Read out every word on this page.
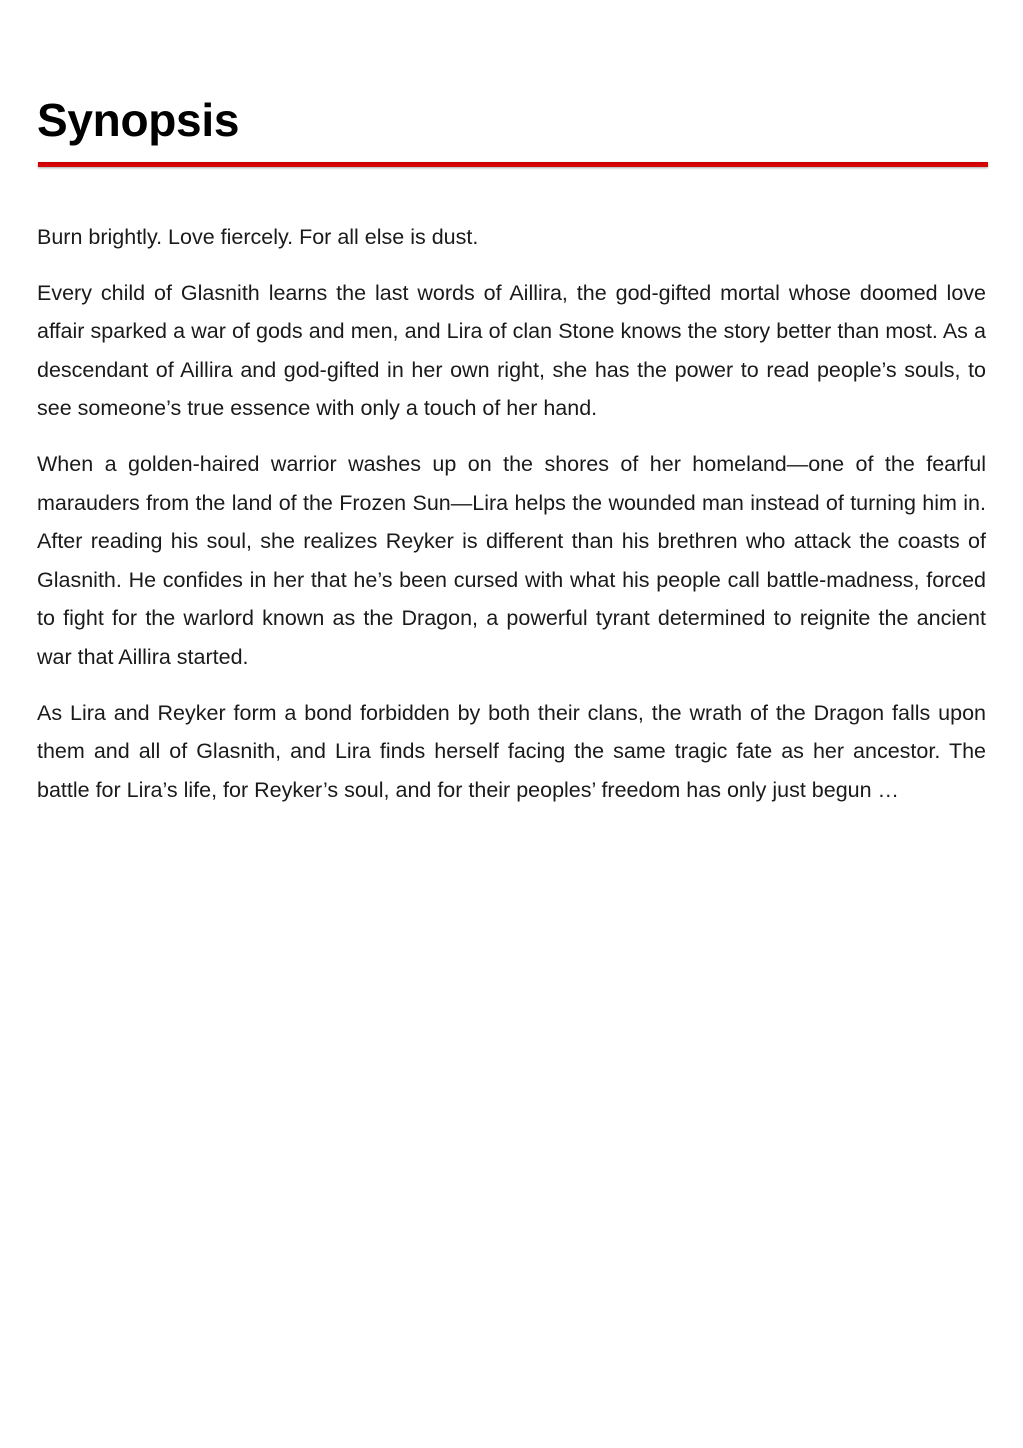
Synopsis

Burn brightly. Love fiercely. For all else is dust.

Every child of Glasnith learns the last words of Aillira, the god-gifted mortal whose doomed love affair sparked a war of gods and men, and Lira of clan Stone knows the story better than most. As a descendant of Aillira and god-gifted in her own right, she has the power to read people’s souls, to see someone’s true essence with only a touch of her hand.

When a golden-haired warrior washes up on the shores of her homeland—one of the fearful marauders from the land of the Frozen Sun—Lira helps the wounded man instead of turning him in. After reading his soul, she realizes Reyker is different than his brethren who attack the coasts of Glasnith. He confides in her that he’s been cursed with what his people call battle-madness, forced to fight for the warlord known as the Dragon, a powerful tyrant determined to reignite the ancient war that Aillira started.

As Lira and Reyker form a bond forbidden by both their clans, the wrath of the Dragon falls upon them and all of Glasnith, and Lira finds herself facing the same tragic fate as her ancestor. The battle for Lira’s life, for Reyker’s soul, and for their peoples’ freedom has only just begun …
